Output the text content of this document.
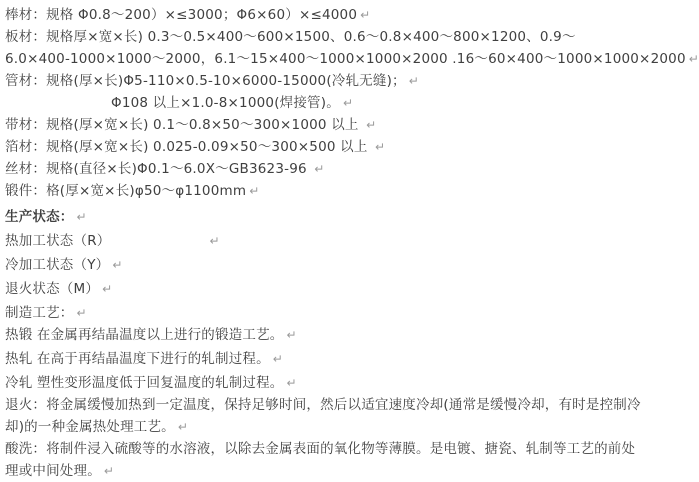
棒材：规格 Φ0.8～200）×≤3000；Φ6×60）×≤4000 ↵
板材：规格厚×宽×长) 0.3～0.5×400～600×1500、0.6～0.8×400～800×1200、0.9～
6.0×400-1000×1000～2000，6.1～15×400～1000×1000×2000 .16～60×400～1000×1000×2000 ↵
管材：规格(厚×长)Φ5-110×0.5-10×6000-15000(冷轧无缝)； ↵
Φ108 以上×1.0-8×1000(焊接管)。 ↵
带材：规格(厚×宽×长) 0.1～0.8×50～300×1000 以上 ↵
箔材：规格(厚×宽×长) 0.025-0.09×50～300×500 以上 ↵
丝材：规格(直径×长)Φ0.1～6.0X～GB3623-96 ↵
锻件：格(厚×宽×长)φ50～φ1100mm ↵
生产状态： ↵
热加工状态（R）	↵
冷加工状态（Y） ↵
退火状态（M） ↵
制造工艺： ↵
热锻 在金属再结晶温度以上进行的锻造工艺。 ↵
热轧 在高于再结晶温度下进行的轧制过程。 ↵
冷轧 塑性变形温度低于回复温度的轧制过程。 ↵
退火：将金属缓慢加热到一定温度，保持足够时间，然后以适宜速度冷却(通常是缓慢冷却，有时是控制冷
却)的一种金属热处理工艺。 ↵
酸洗：将制件浸入硫酸等的水溶液，以除去金属表面的氧化物等薄膜。是电镀、搪瓷、轧制等工艺的前处
理或中间处理。 ↵
